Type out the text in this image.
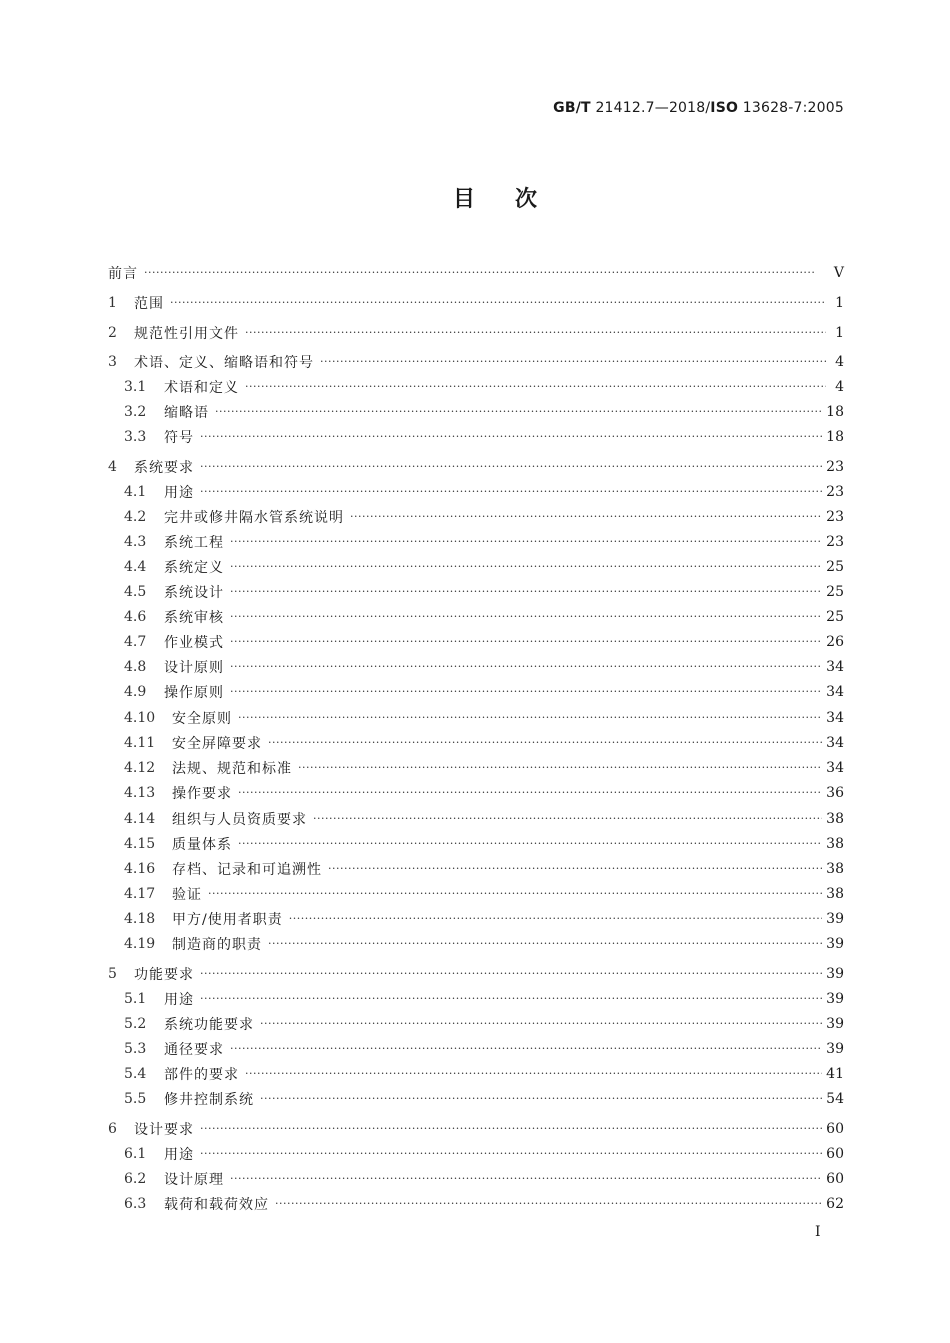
GB/T 21412.7—2018/ISO 13628-7:2005
目次
前言 ·····	V
1	范围 ·····	1
2	规范性引用文件 ·····	1
3	术语、定义、缩略语和符号 ·····	4
3.1	术语和定义 ·····	4
3.2	缩略语 ·····	18
3.3	符号 ·····	18
4	系统要求 ·····	23
4.1	用途 ·····	23
4.2	完井或修井隔水管系统说明 ·····	23
4.3	系统工程 ·····	23
4.4	系统定义 ·····	25
4.5	系统设计 ·····	25
4.6	系统审核 ·····	25
4.7	作业模式 ·····	26
4.8	设计原则 ·····	34
4.9	操作原则 ·····	34
4.10	安全原则 ·····	34
4.11	安全屏障要求 ·····	34
4.12	法规、规范和标准 ·····	34
4.13	操作要求 ·····	36
4.14	组织与人员资质要求 ·····	38
4.15	质量体系 ·····	38
4.16	存档、记录和可追溯性 ·····	38
4.17	验证 ·····	38
4.18	甲方/使用者职责 ·····	39
4.19	制造商的职责 ·····	39
5	功能要求 ·····	39
5.1	用途 ·····	39
5.2	系统功能要求 ·····	39
5.3	通径要求 ·····	39
5.4	部件的要求 ·····	41
5.5	修井控制系统 ·····	54
6	设计要求 ·····	60
6.1	用途 ·····	60
6.2	设计原理 ·····	60
6.3	载荷和载荷效应 ·····	62
I
